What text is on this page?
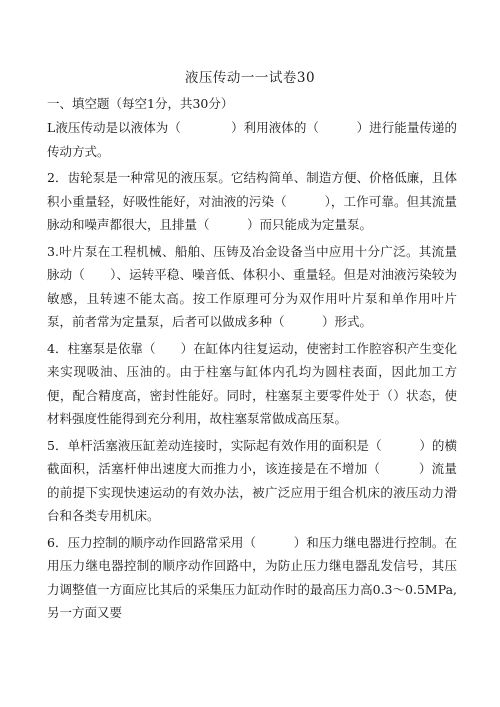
液压传动一一试卷30
一、填空题（每空1分，共30分）

L液压传动是以液体为（　　　　）利用液体的（　　　）进行能量传递的传动方式。

2．齿轮泵是一种常见的液压泵。它结构简单、制造方便、价格低廉，且体积小重量轻，好吸性能好，对油液的污染（　　　），工作可靠。但其流量脉动和噪声都很大，且排量（　　　）而只能成为定量泵。

3.叶片泵在工程机械、船舶、压铸及冶金设备当中应用十分广泛。其流量脉动（　　）、运转平稳、噪音低、体积小、重量轻。但是对油液污染较为敏感，且转速不能太高。按工作原理可分为双作用叶片泵和单作用叶片泵，前者常为定量泵，后者可以做成多种（　　　）形式。

4．柱塞泵是依靠（　　）在缸体内往复运动，使密封工作腔容积产生变化来实现吸油、压油的。由于柱塞与缸体内孔均为圆柱表面，因此加工方便，配合精度高，密封性能好。同时，柱塞泵主要零件处于（）状态，使材料强度性能得到充分利用，故柱塞泵常做成高压泵。

5．单杆活塞液压缸差动连接时，实际起有效作用的面积是（　　　）的横截面积，活塞杆伸出速度大而推力小，该连接是在不增加（　　　）流量的前提下实现快速运动的有效办法，被广泛应用于组合机床的液压动力滑台和各类专用机床。

6．压力控制的顺序动作回路常采用（　　　）和压力继电器进行控制。在用压力继电器控制的顺序动作回路中，为防止压力继电器乱发信号，其压力调整值一方面应比其后的采集压力缸动作时的最高压力高0.3～0.5MPa,另一方面又要
